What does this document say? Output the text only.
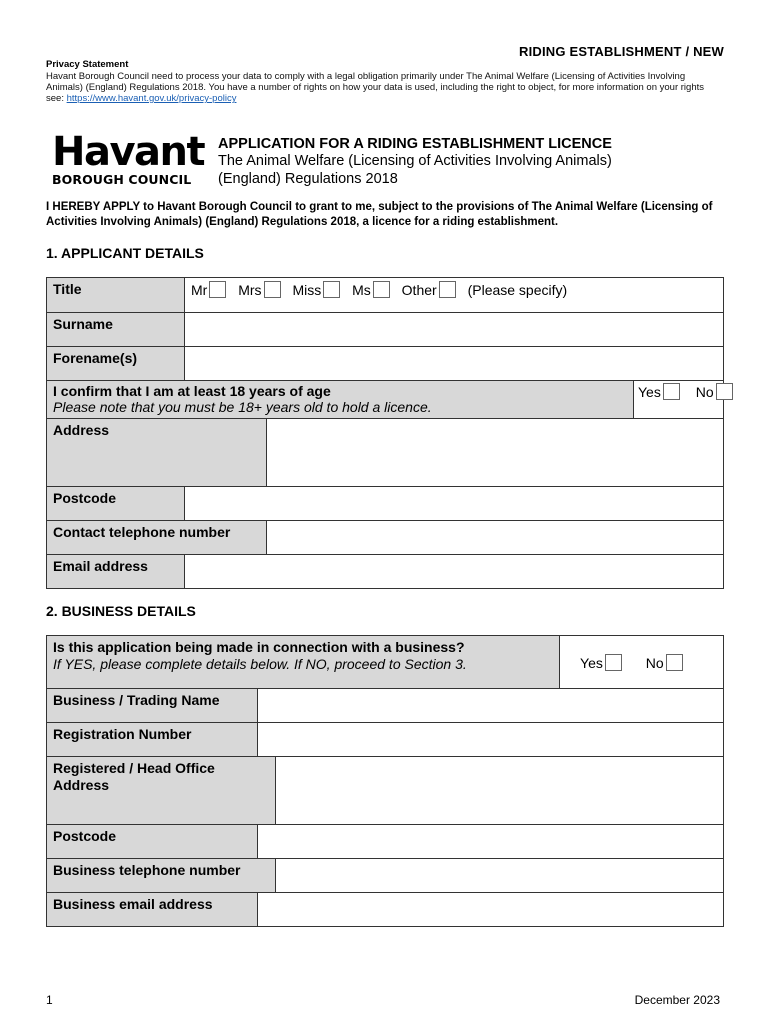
RIDING ESTABLISHMENT / NEW
Privacy Statement
Havant Borough Council need to process your data to comply with a legal obligation primarily under The Animal Welfare (Licensing of Activities Involving Animals) (England) Regulations 2018. You have a number of rights on how your data is used, including the right to object, for more information on your rights see: https://www.havant.gov.uk/privacy-policy
Havant
BOROUGH COUNCIL
APPLICATION FOR A RIDING ESTABLISHMENT LICENCE
The Animal Welfare (Licensing of Activities Involving Animals) (England) Regulations 2018
I HEREBY APPLY to Havant Borough Council to grant to me, subject to the provisions of The Animal Welfare (Licensing of Activities Involving Animals) (England) Regulations 2018, a licence for a riding establishment.
1. APPLICANT DETAILS
Title	Mr Mrs Miss Ms Other (Please specify)		
Surname			
Forename(s)			
I confirm that I am at least 18 years of age
Please note that you must be 18+ years old to hold a licence.			Yes No
Address			
Postcode			
Contact telephone number			
Email address			
2. BUSINESS DETAILS
Is this application being made in connection with a business?
If YES, please complete details below. If NO, proceed to Section 3.			Yes No
Business / Trading Name			
Registration Number			
Registered / Head Office Address			
Postcode			
Business telephone number			
Business email address			
1	December 2023
